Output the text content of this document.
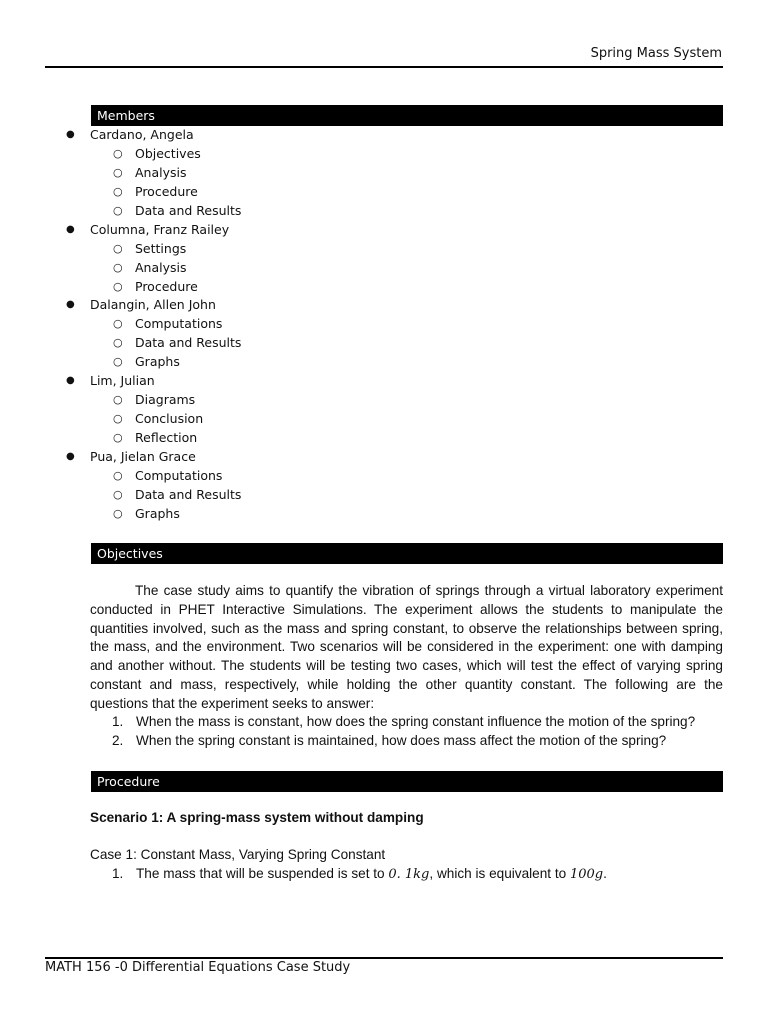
Spring Mass System
Members
● Cardano, Angela
○ Objectives
○ Analysis
○ Procedure
○ Data and Results
● Columna, Franz Railey
○ Settings
○ Analysis
○ Procedure
● Dalangin, Allen John
○ Computations
○ Data and Results
○ Graphs
● Lim, Julian
○ Diagrams
○ Conclusion
○ Reflection
● Pua, Jielan Grace
○ Computations
○ Data and Results
○ Graphs
Objectives
The case study aims to quantify the vibration of springs through a virtual laboratory experiment conducted in PHET Interactive Simulations. The experiment allows the students to manipulate the quantities involved, such as the mass and spring constant, to observe the relationships between spring, the mass, and the environment. Two scenarios will be considered in the experiment: one with damping and another without. The students will be testing two cases, which will test the effect of varying spring constant and mass, respectively, while holding the other quantity constant. The following are the questions that the experiment seeks to answer:
1. When the mass is constant, how does the spring constant influence the motion of the spring?
2. When the spring constant is maintained, how does mass affect the motion of the spring?
Procedure
Scenario 1: A spring-mass system without damping
Case 1: Constant Mass, Varying Spring Constant
1. The mass that will be suspended is set to 0. 1kg, which is equivalent to 100g.
MATH 156 -0 Differential Equations Case Study
